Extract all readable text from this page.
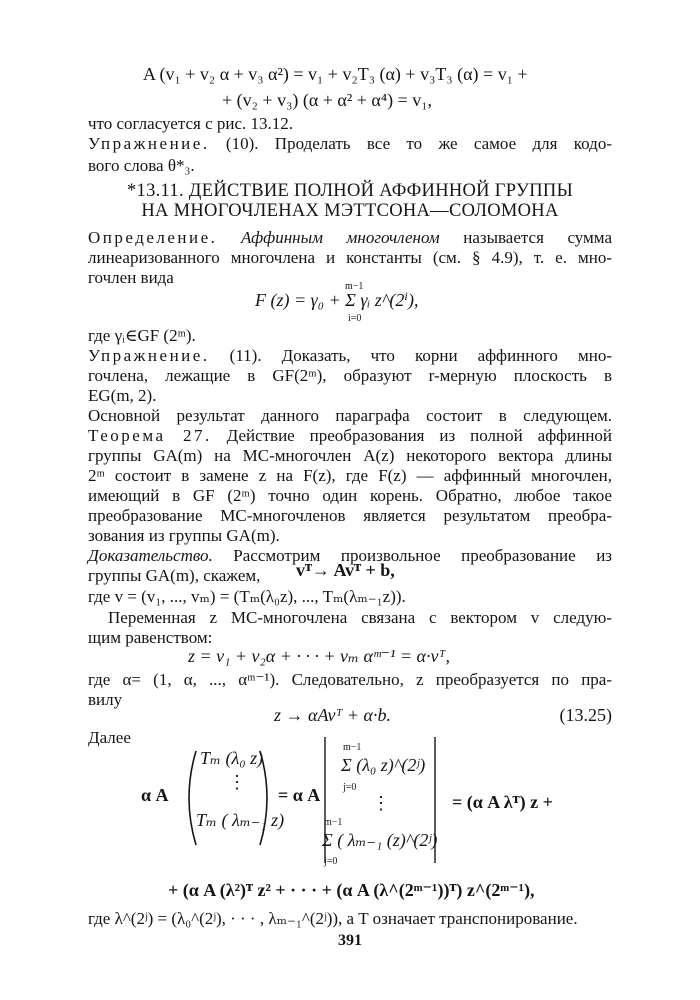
A (v₁ + v₂ α + v₃ α²) = v₁ + v₂T₃ (α) + v₃T₃ (α) = v₁ +
+ (v₂ + v₃) (α + α² + α⁴) = v₁,
что согласуется с рис. 13.12.
Упражнение. (10). Проделать все то же самое для кодо-
вого слова θ*₃.
*13.11. ДЕЙСТВИЕ ПОЛНОЙ АФФИННОЙ ГРУППЫ
НА МНОГОЧЛЕНАХ МЭТТСОНА—СОЛОМОНА
Определение. Аффинным многочленом называется сумма
линеаризованного многочлена и константы (см. § 4.9), т. е. мно-
гочлен вида
F (z) = γ₀ + Σ γᵢ z^(2ⁱ),
m−1
i=0
где γᵢ∈GF (2ᵐ).
Упражнение. (11). Доказать, что корни аффинного мно-
гочлена, лежащие в GF(2ᵐ), образуют r-мерную плоскость в
EG(m, 2).
Основной результат данного параграфа состоит в следующем.
Теорема 27. Действие преобразования из полной аффинной
группы GA(m) на МС-многочлен A(z) некоторого вектора длины
2ᵐ состоит в замене z на F(z), где F(z) — аффинный многочлен,
имеющий в GF (2ᵐ) точно один корень. Обратно, любое такое
преобразование МС-многочленов является результатом преобра-
зования из группы GA(m).
Доказательство. Рассмотрим произвольное преобразование из
группы GA(m), скажем,	vᵀ→ Avᵀ + b,
где v = (v₁, ..., vₘ) = (Tₘ(λ₀z), ..., Tₘ(λₘ₋₁z)).
Переменная z МС-многочлена связана с вектором v следую-
щим равенством:
z = v₁ + v₂α + · · · + vₘ αᵐ⁻¹ = α·vᵀ,
где α= (1, α, ..., αᵐ⁻¹). Следовательно, z преобразуется по пра-
вилу
z → αAvᵀ + α·b.	(13.25)
Далее
α A
Tₘ (λ₀ z)
⋮
Tₘ ( λₘ₋₁ z)
= α A
m−1
Σ (λ₀ z)^(2ʲ)
j=0
⋮
m−1
Σ ( λₘ₋₁ (z)^(2ʲ)
j=0
= (α A λᵀ) z +
+ (α A (λ²)ᵀ z² + · · · + (α A (λ^(2ᵐ⁻¹))ᵀ) z^(2ᵐ⁻¹),
где λ^(2ʲ) = (λ₀^(2ʲ), · · · , λₘ₋₁^(2ʲ)), а T означает транспонирование.
391
